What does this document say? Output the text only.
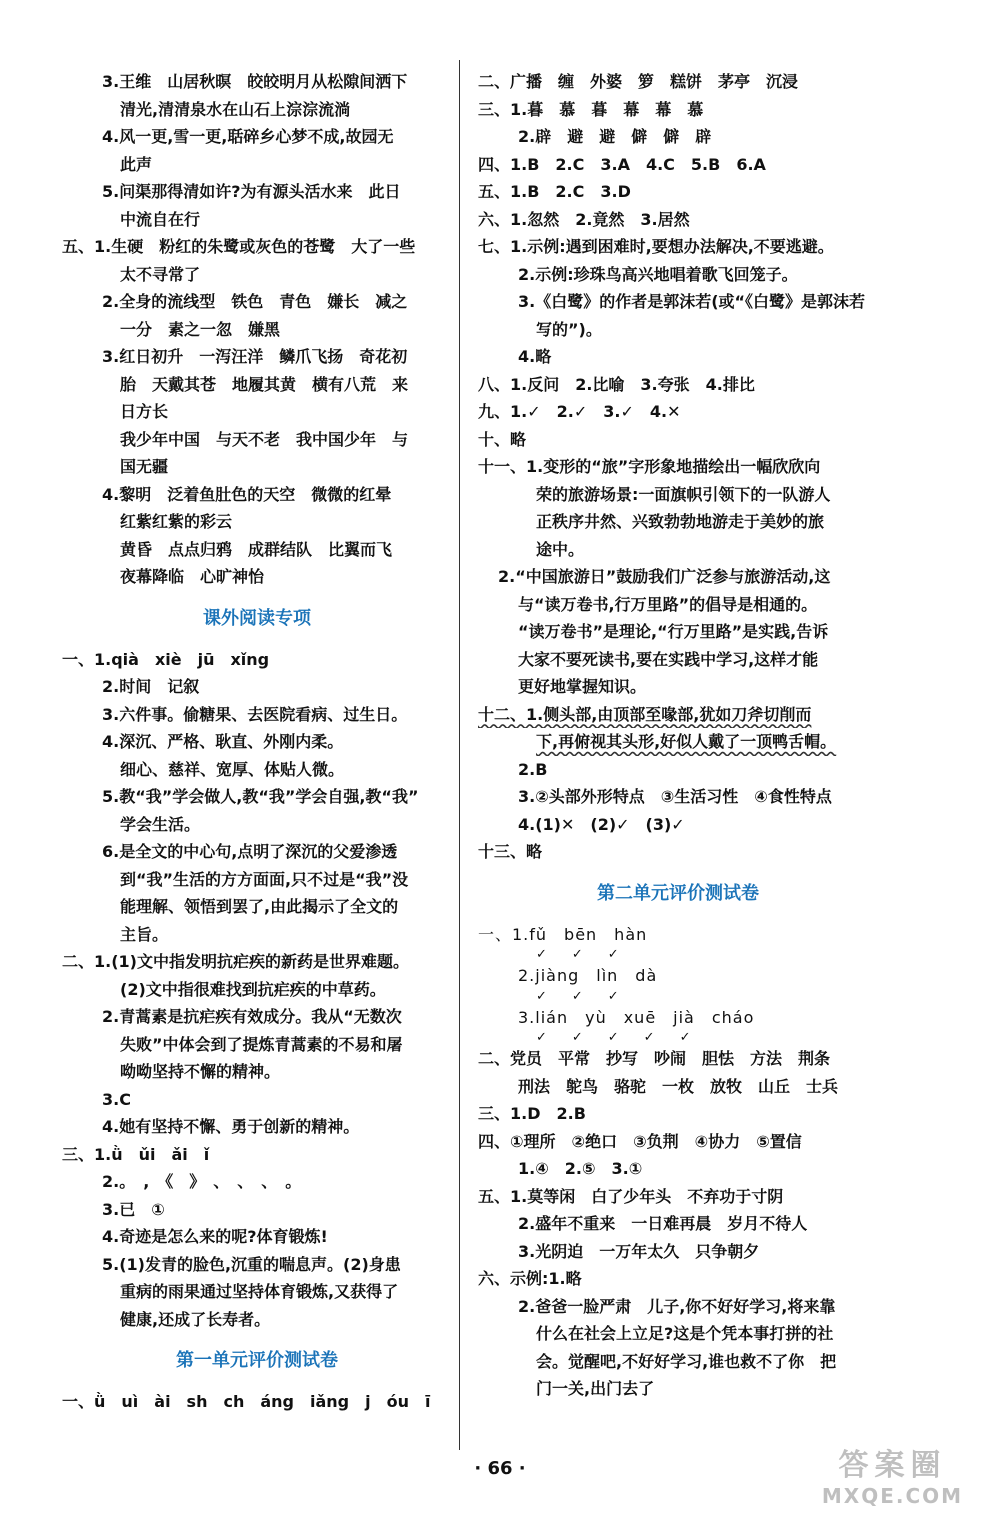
3.王维　山居秋暝　皎皎明月从松隙间洒下
清光,清清泉水在山石上淙淙流淌
4.风一更,雪一更,聒碎乡心梦不成,故园无
此声
5.问渠那得清如许?为有源头活水来　此日
中流自在行
五、1.生硬　粉红的朱鹭或灰色的苍鹭　大了一些
太不寻常了
2.全身的流线型　铁色　青色　嫌长　减之
一分　素之一忽　嫌黑
3.红日初升　一泻汪洋　鳞爪飞扬　奇花初
胎　天戴其苍　地履其黄　横有八荒　来
日方长
我少年中国　与天不老　我中国少年　与
国无疆
4.黎明　泛着鱼肚色的天空　微微的红晕
红紫红紫的彩云
黄昏　点点归鸦　成群结队　比翼而飞
夜幕降临　心旷神怡
课外阅读专项
一、1.qià　xiè　jū　xǐng
2.时间　记叙
3.六件事。偷糖果、去医院看病、过生日。
4.深沉、严格、耿直、外刚内柔。
细心、慈祥、宽厚、体贴人微。
5.教“我”学会做人,教“我”学会自强,教“我”
学会生活。
6.是全文的中心句,点明了深沉的父爱渗透
到“我”生活的方方面面,只不过是“我”没
能理解、领悟到罢了,由此揭示了全文的
主旨。
二、1.(1)文中指发明抗疟疾的新药是世界难题。
(2)文中指很难找到抗疟疾的中草药。
2.青蒿素是抗疟疾有效成分。我从“无数次
失败”中体会到了提炼青蒿素的不易和屠
呦呦坚持不懈的精神。
3.C
4.她有坚持不懈、勇于创新的精神。
三、1.ǜ　ǔi　ǎi　ǐ
2.。　,　《　》　、　、　、　。
3.已　①
4.奇迹是怎么来的呢?体育锻炼!
5.(1)发青的脸色,沉重的喘息声。(2)身患
重病的雨果通过坚持体育锻炼,又获得了
健康,还成了长寿者。
第一单元评价测试卷
一、ǜ　uì　ài　sh　ch　áng　iǎng　j　óu　ī
二、广播　缠　外婆　箩　糕饼　茅亭　沉浸
三、1.暮　慕　暮　幕　幕　慕
2.辟　避　避　僻　僻　辟
四、1.B　2.C　3.A　4.C　5.B　6.A
五、1.B　2.C　3.D
六、1.忽然　2.竟然　3.居然
七、1.示例:遇到困难时,要想办法解决,不要逃避。
2.示例:珍珠鸟高兴地唱着歌飞回笼子。
3.《白鹭》的作者是郭沫若(或“《白鹭》是郭沫若
写的”)。
4.略
八、1.反问　2.比喻　3.夸张　4.排比
九、1.✓　2.✓　3.✓　4.✕
十、略
十一、1.变形的“旅”字形象地描绘出一幅欣欣向
荣的旅游场景:一面旗帜引领下的一队游人
正秩序井然、兴致勃勃地游走于美妙的旅
途中。
2.“中国旅游日”鼓励我们广泛参与旅游活动,这
与“读万卷书,行万里路”的倡导是相通的。
“读万卷书”是理论,“行万里路”是实践,告诉
大家不要死读书,要在实践中学习,这样才能
更好地掌握知识。
十二、1.侧头部,由顶部至喙部,犹如刀斧切削而
下,再俯视其头形,好似人戴了一顶鸭舌帽。
2.B
3.②头部外形特点　③生活习性　④食性特点
4.(1)✕　(2)✓　(3)✓
十三、略
第二单元评价测试卷
一、1.fǔ　bēn　hàn
✓　✓　✓
2.jiàng　lìn　dà
✓　✓　✓
3.lián　yù　xuē　jià　cháo
✓　✓　✓　✓　✓
二、党员　平常　抄写　吵闹　胆怯　方法　荆条
刑法　鸵鸟　骆驼　一枚　放牧　山丘　士兵
三、1.D　2.B
四、①理所　②绝口　③负荆　④协力　⑤置信
1.④　2.⑤　3.①
五、1.莫等闲　白了少年头　不弃功于寸阴
2.盛年不重来　一日难再晨　岁月不待人
3.光阴迫　一万年太久　只争朝夕
六、示例:1.略
2.爸爸一脸严肃　儿子,你不好好学习,将来靠
什么在社会上立足?这是个凭本事打拼的社
会。觉醒吧,不好好学习,谁也救不了你　把
门一关,出门去了
· 66 ·	答案圈
MXQE.COM
